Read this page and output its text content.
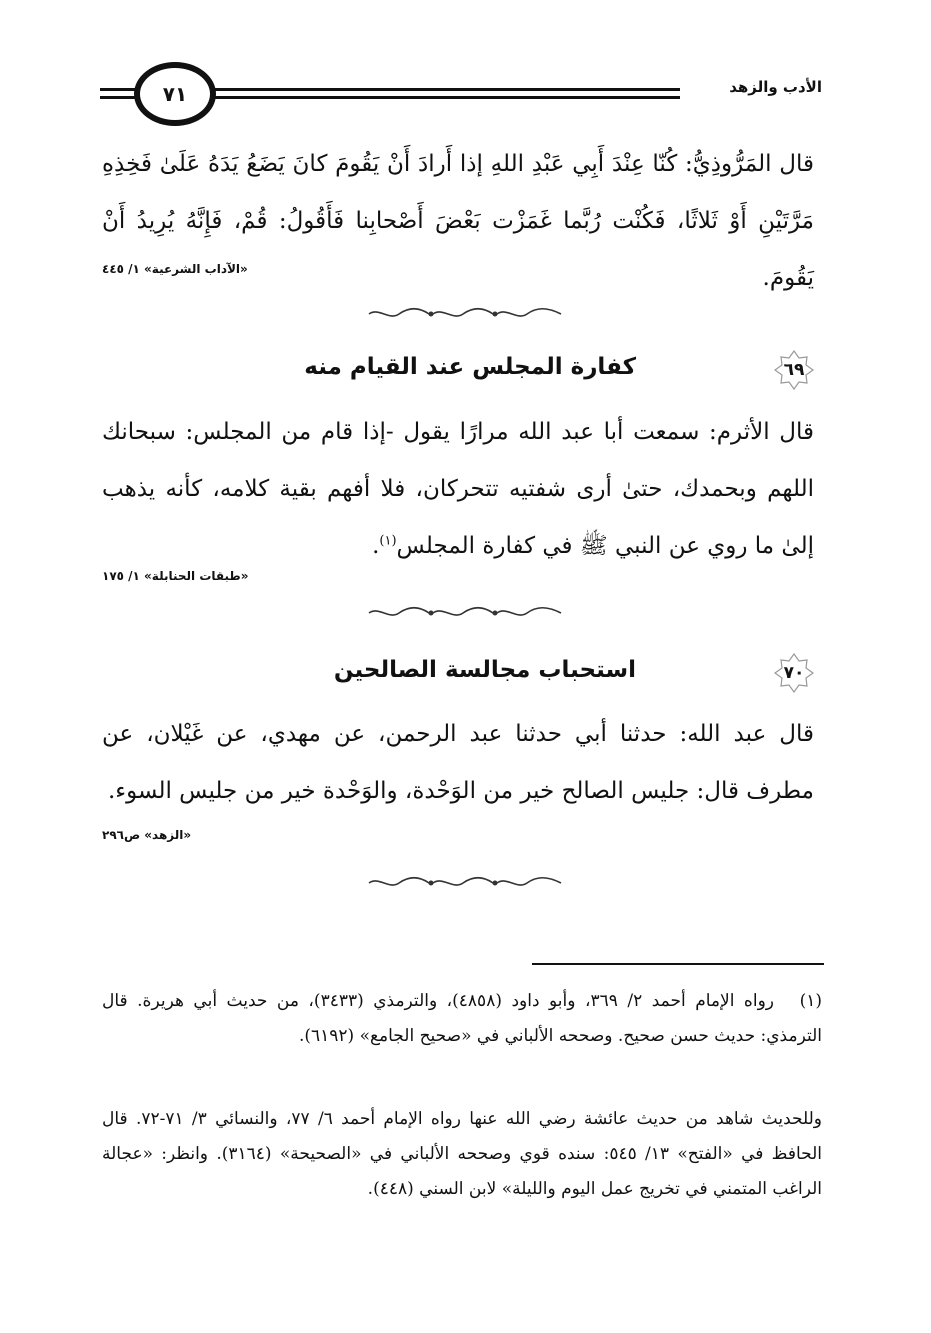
٧١	الأدب والزهد

قال المَرُّوذِيُّ: كُنّا عِنْدَ أَبِي عَبْدِ اللهِ إذا أَرادَ أَنْ يَقُومَ كانَ يَضَعُ يَدَهُ عَلَىٰ فَخِذِهِ مَرَّتَيْنِ أَوْ ثَلاثًا، فَكُنْت رُبَّما غَمَزْت بَعْضَ أَصْحابِنا فَأَقُولُ: قُمْ، فَإِنَّهُ يُرِيدُ أَنْ يَقُومَ.

«الآداب الشرعية» ١/ ٤٤٥
٦٩
كفارة المجلس عند القيام منه

قال الأثرم: سمعت أبا عبد الله مرارًا يقول -إذا قام من المجلس: سبحانك اللهم وبحمدك، حتىٰ أرى شفتيه تتحركان، فلا أفهم بقية كلامه، كأنه يذهب إلىٰ ما روي عن النبي ﷺ في كفارة المجلس$^{(١)}$.

«طبقات الحنابلة» ١/ ١٧٥
٧٠
استحباب مجالسة الصالحين

قال عبد الله: حدثنا أبي حدثنا عبد الرحمن، عن مهدي، عن غَيْلان، عن مطرف قال: جليس الصالح خير من الوَحْدة، والوَحْدة خير من جليس السوء.

«الزهد» ص٢٩٦

(١)رواه الإمام أحمد ٢/ ٣٦٩، وأبو داود (٤٨٥٨)، والترمذي (٣٤٣٣)، من حديث أبي هريرة. قال الترمذي: حديث حسن صحيح. وصححه الألباني في «صحيح الجامع» (٦١٩٢).

وللحديث شاهد من حديث عائشة رضي الله عنها رواه الإمام أحمد ٦/ ٧٧، والنسائي ٣/ ٧١-٧٢. قال الحافظ في «الفتح» ١٣/ ٥٤٥: سنده قوي وصححه الألباني في «الصحيحة» (٣١٦٤). وانظر: «عجالة الراغب المتمني في تخريج عمل اليوم والليلة» لابن السني (٤٤٨).
